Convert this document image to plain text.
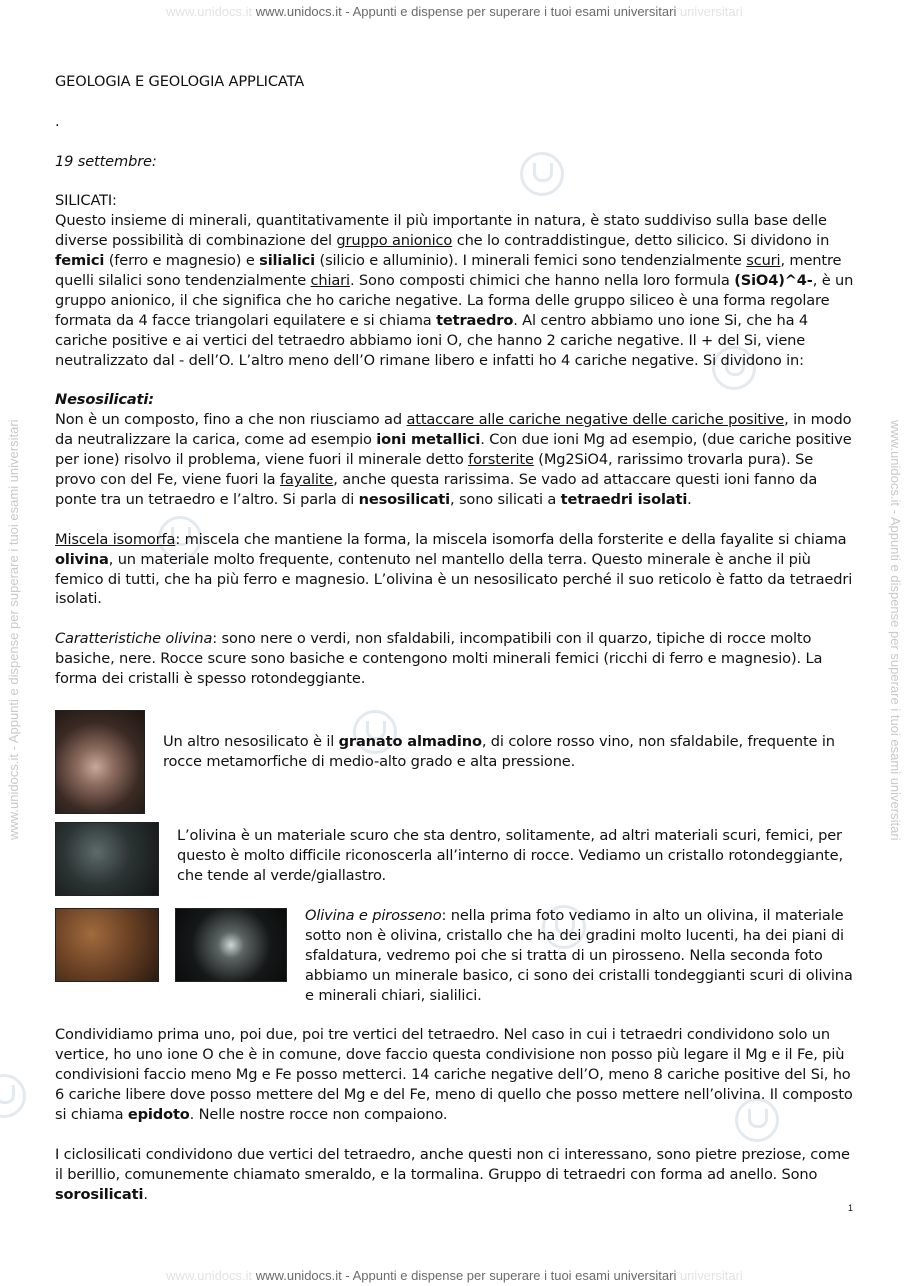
www.unidocs.it www.unidocs.it - Appunti e dispense per superare i tuoi esami universitari universitari
www.unidocs.it - Appunti e dispense per superare i tuoi esami universitari	www.unidocs.it - Appunti e dispense per superare i tuoi esami universitari

GEOLOGIA E GEOLOGIA APPLICATA

.

19 settembre:

SILICATI:

Questo insieme di minerali, quantitativamente il più importante in natura, è stato suddiviso sulla base delle diverse possibilità di combinazione del gruppo anionico che lo contraddistingue, detto silicico. Si dividono in femici (ferro e magnesio) e silialici (silicio e alluminio). I minerali femici sono tendenzialmente scuri, mentre quelli silalici sono tendenzialmente chiari. Sono composti chimici che hanno nella loro formula (SiO4)^4-, è un gruppo anionico, il che significa che ho cariche negative. La forma delle gruppo siliceo è una forma regolare formata da 4 facce triangolari equilatere e si chiama tetraedro. Al centro abbiamo uno ione Si, che ha 4 cariche positive e ai vertici del tetraedro abbiamo ioni O, che hanno 2 cariche negative. Il + del Si, viene neutralizzato dal - dell’O. L’altro meno dell’O rimane libero e infatti ho 4 cariche negative. Si dividono in:

Nesosilicati:

Non è un composto, fino a che non riusciamo ad attaccare alle cariche negative delle cariche positive, in modo da neutralizzare la carica, come ad esempio ioni metallici. Con due ioni Mg ad esempio, (due cariche positive per ione) risolvo il problema, viene fuori il minerale detto forsterite (Mg2SiO4, rarissimo trovarla pura). Se provo con del Fe, viene fuori la fayalite, anche questa rarissima. Se vado ad attaccare questi ioni fanno da ponte tra un tetraedro e l’altro. Si parla di nesosilicati, sono silicati a tetraedri isolati.

Miscela isomorfa: miscela che mantiene la forma, la miscela isomorfa della forsterite e della fayalite si chiama olivina, un materiale molto frequente, contenuto nel mantello della terra. Questo minerale è anche il più femico di tutti, che ha più ferro e magnesio. L’olivina è un nesosilicato perché il suo reticolo è fatto da tetraedri isolati.

Caratteristiche olivina: sono nere o verdi, non sfaldabili, incompatibili con il quarzo, tipiche di rocce molto basiche, nere. Rocce scure sono basiche e contengono molti minerali femici (ricchi di ferro e magnesio). La forma dei cristalli è spesso rotondeggiante.

Un altro nesosilicato è il granato almadino, di colore rosso vino, non sfaldabile, frequente in rocce metamorfiche di medio-alto grado e alta pressione.

L’olivina è un materiale scuro che sta dentro, solitamente, ad altri materiali scuri, femici, per questo è molto difficile riconoscerla all’interno di rocce. Vediamo un cristallo rotondeggiante, che tende al verde/giallastro.

Olivina e pirosseno: nella prima foto vediamo in alto un olivina, il materiale sotto non è olivina, cristallo che ha dei gradini molto lucenti, ha dei piani di sfaldatura, vedremo poi che si tratta di un pirosseno. Nella seconda foto abbiamo un minerale basico, ci sono dei cristalli tondeggianti scuri di olivina e minerali chiari, sialilici.

Condividiamo prima uno, poi due, poi tre vertici del tetraedro. Nel caso in cui i tetraedri condividono solo un vertice, ho uno ione O che è in comune, dove faccio questa condivisione non posso più legare il Mg e il Fe, più condivisioni faccio meno Mg e Fe posso metterci. 14 cariche negative dell’O, meno 8 cariche positive del Si, ho 6 cariche libere dove posso mettere del Mg e del Fe, meno di quello che posso mettere nell’olivina. Il composto si chiama epidoto. Nelle nostre rocce non compaiono.

I ciclosilicati condividono due vertici del tetraedro, anche questi non ci interessano, sono pietre preziose, come il berillio, comunemente chiamato smeraldo, e la tormalina. Gruppo di tetraedri con forma ad anello. Sono sorosilicati.

1
www.unidocs.it www.unidocs.it - Appunti e dispense per superare i tuoi esami universitari universitari
